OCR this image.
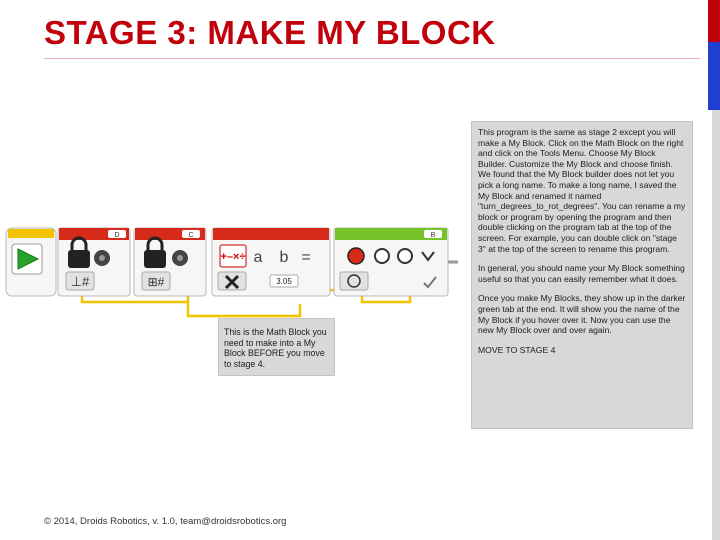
STAGE 3: MAKE MY BLOCK
D
⊥#
C
⊞#
+–×÷ a b =
3.05
B
This is the Math Block you need to make into a My Block BEFORE you move to stage 4.

This program is the same as stage 2 except you will make a My Block. Click on the Math Block on the right and click on the Tools Menu. Choose My Block Builder. Customize the My Block and choose finish. We found that the My Block builder does not let you pick a long name. To make a long name, I saved the My Block and renamed it named "turn_degrees_to_rot_degrees". You can rename a my block or program by opening the program and then double clicking on the program tab at the top of the screen. For example, you can double click on "stage 3" at the top of the screen to rename this program.

In general, you should name your My Block something useful so that you can easily remember what it does.

Once you make My Blocks, they show up in the darker green tab at the end. It will show you the name of the My Block if you hover over it. Now you can use the new My Block over and over again.

MOVE TO STAGE 4

© 2014, Droids Robotics, v. 1.0, team@droidsrobotics.org
